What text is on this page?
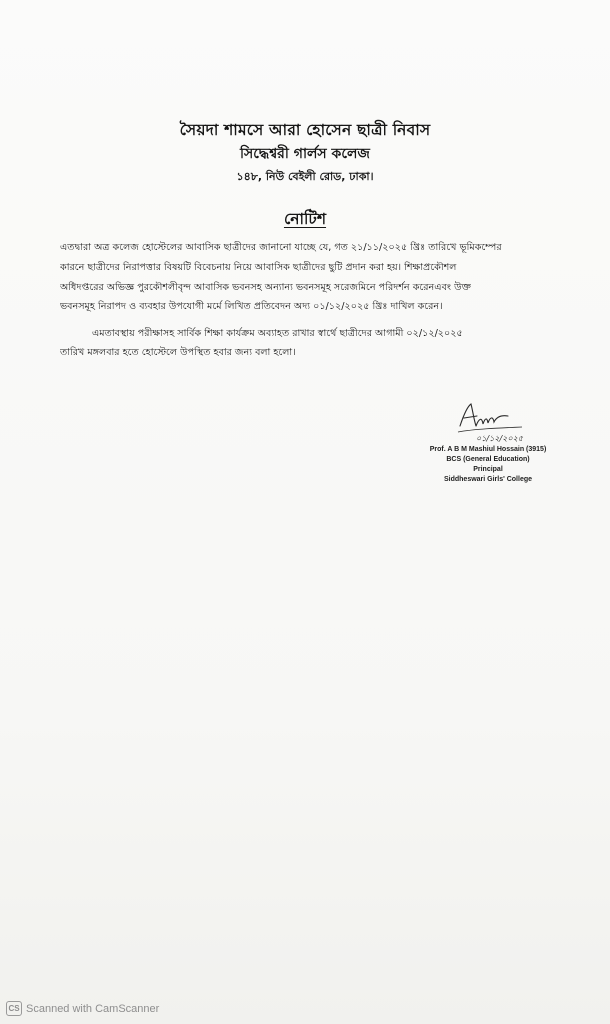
সৈয়দা শামসে আরা হোসেন ছাত্রী নিবাস
সিদ্ধেশ্বরী গার্লস কলেজ
১৪৮, নিউ বেইলী রোড, ঢাকা।
নোটিশ
এতদ্বারা অত্র কলেজ হোস্টেলের আবাসিক ছাত্রীদের জানানো যাচ্ছে যে, গত ২১/১১/২০২৫ খ্রিঃ তারিখে ভূমিকম্পের
কারনে ছাত্রীদের নিরাপত্তার বিষয়টি বিবেচনায় নিয়ে আবাসিক ছাত্রীদের ছুটি প্রদান করা হয়। শিক্ষাপ্রকৌশল
অধিদপ্তরের অভিজ্ঞ পুরকৌশলীবৃন্দ আবাসিক ভবনসহ অন্যান্য ভবনসমূহ সরেজমিনে পরিদর্শন করেনএবং উক্ত
ভবনসমূহ নিরাপদ ও ব্যবহার উপযোগী মর্মে লিখিত প্রতিবেদন অদ্য ০১/১২/২০২৫ খ্রিঃ দাখিল করেন।
এমতাবস্থায় পরীক্ষাসহ সার্বিক শিক্ষা কার্যক্রম অব্যাহত রাখার স্বার্থে ছাত্রীদের আগামী ০২/১২/২০২৫
তারিখ মঙ্গলবার হতে হোস্টেলে উপস্থিত হবার জন্য বলা হলো।
০১/১২/২০২৫
Prof. A B M Mashiul Hossain (3915)
BCS (General Education)
Principal
Siddheswari Girls' College
CS Scanned with CamScanner
